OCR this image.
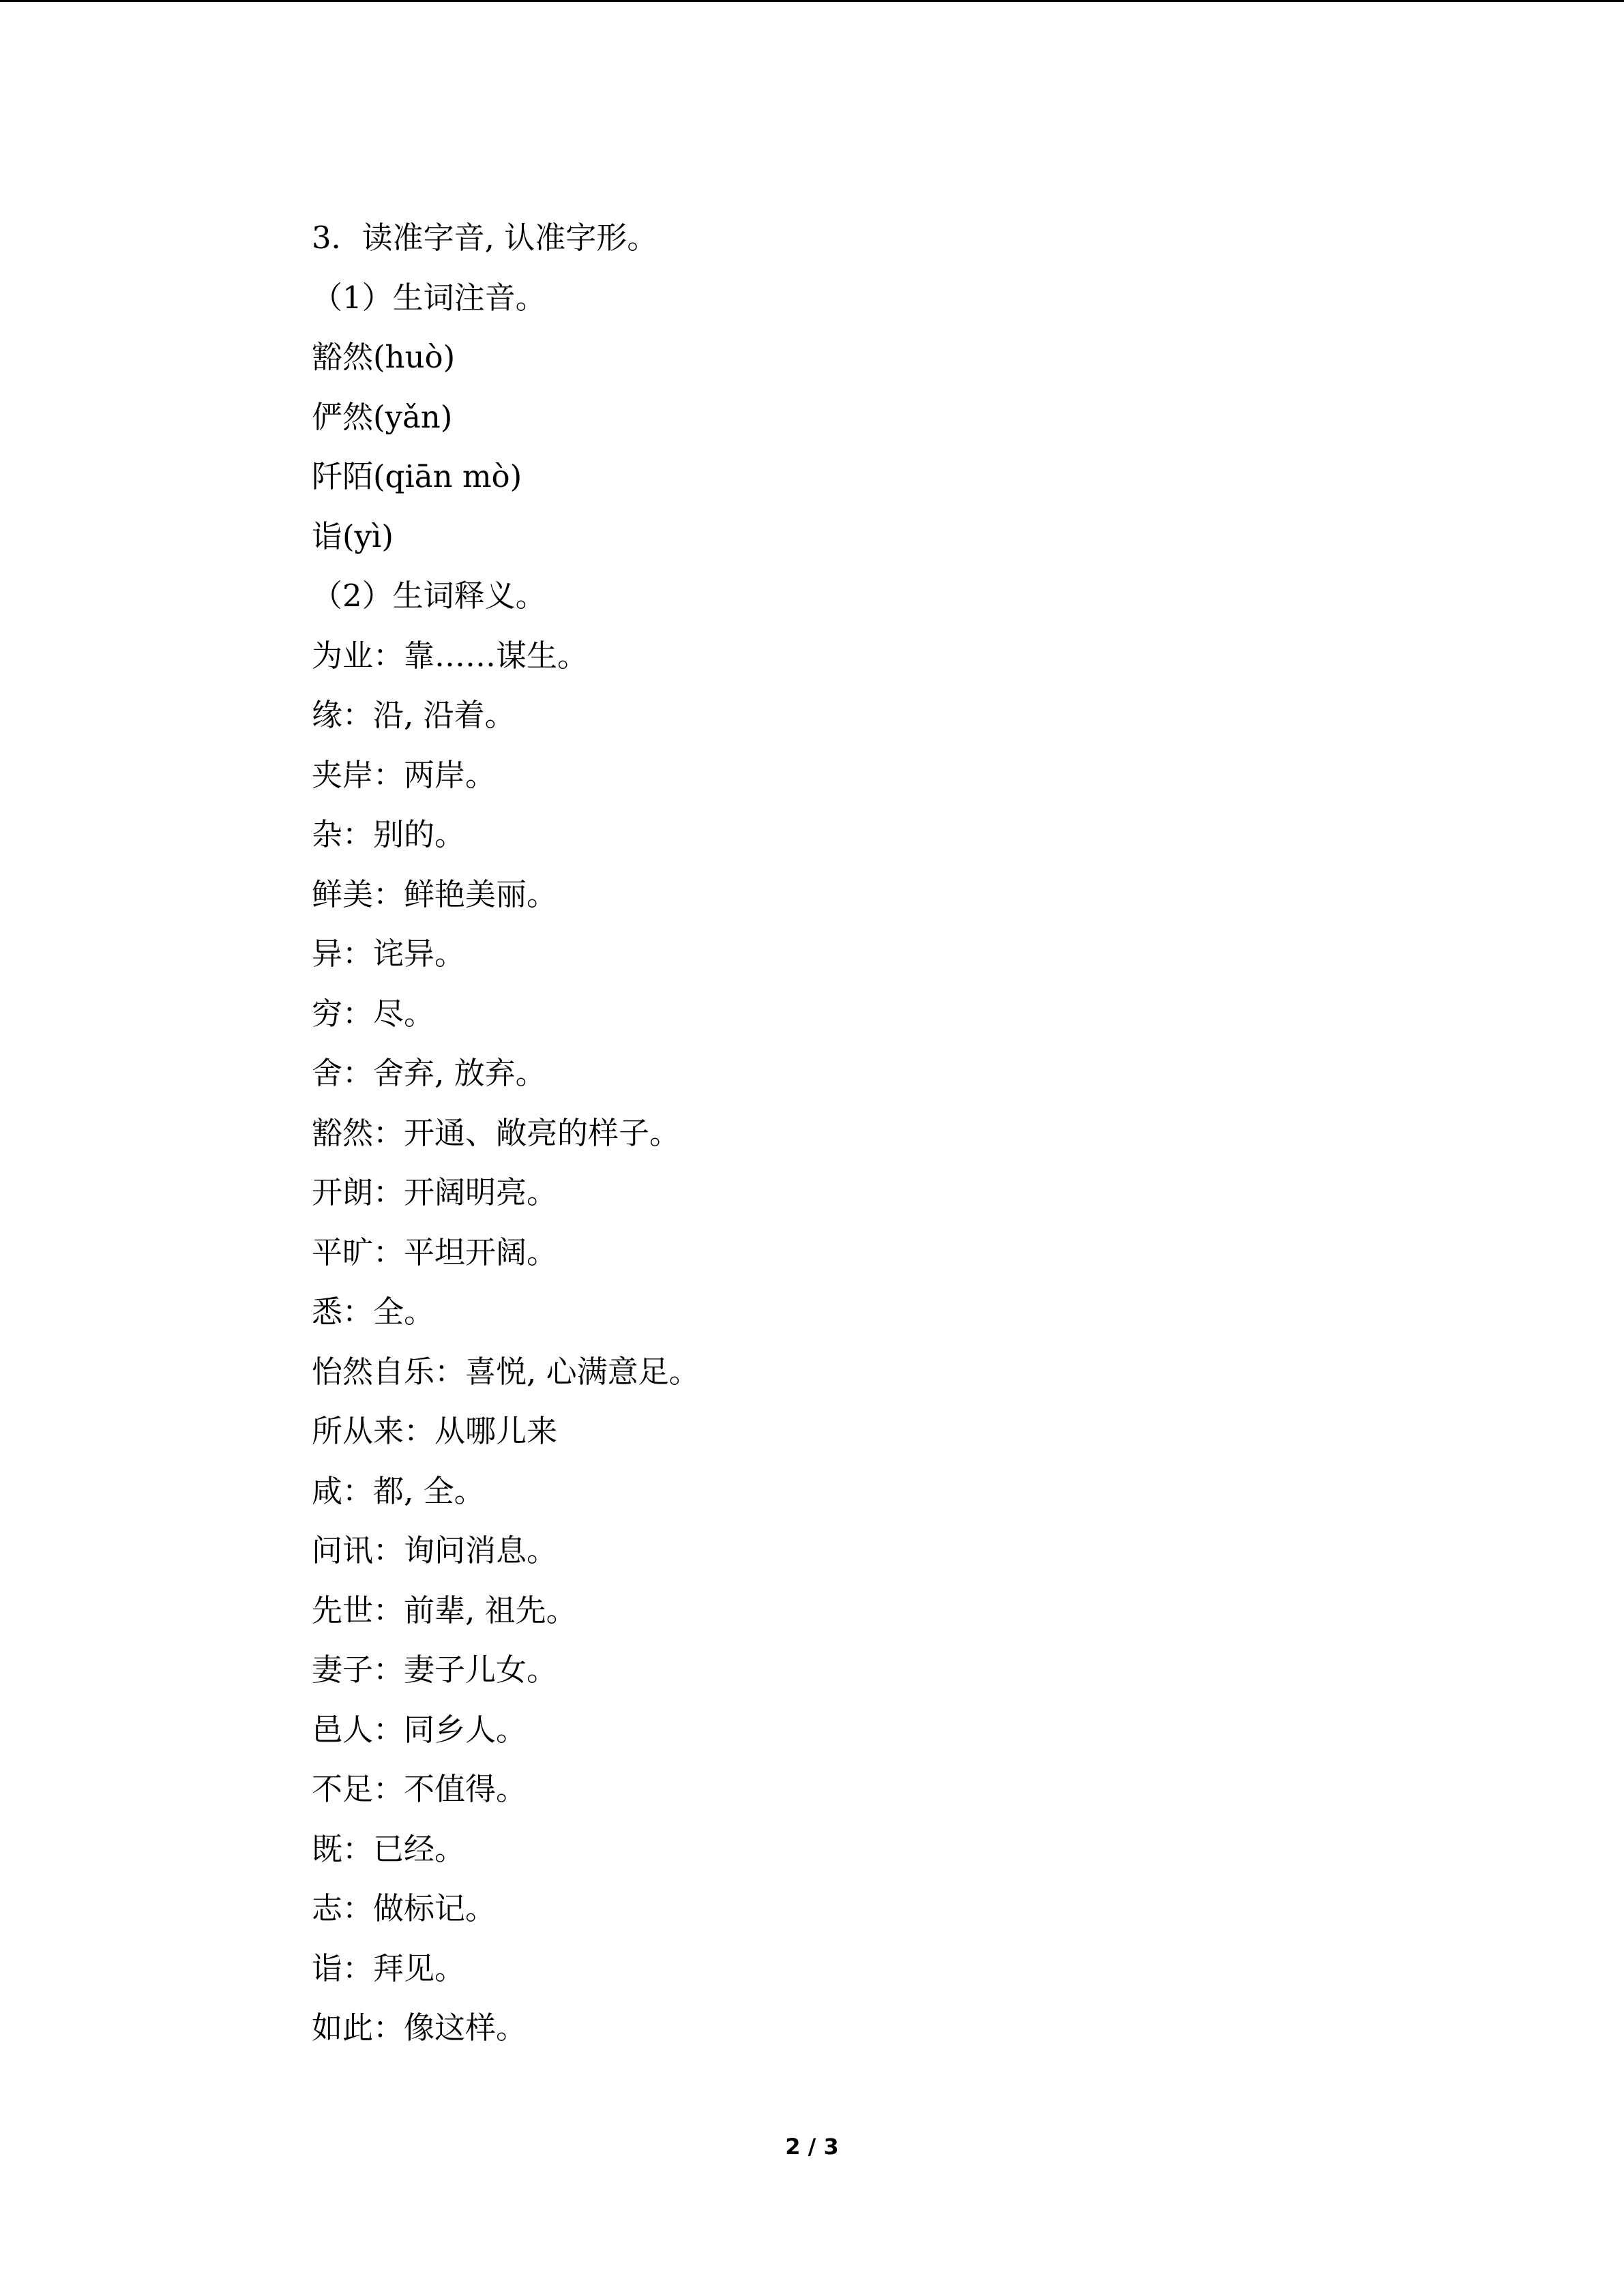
3．读准字音, 认准字形。
（1）生词注音。
豁然(huò)
俨然(yǎn)
阡陌(qiān mò)
诣(yì)
（2）生词释义。
为业：靠……谋生。
缘：沿, 沿着。
夹岸：两岸。
杂：别的。
鲜美：鲜艳美丽。
异：诧异。
穷：尽。
舍：舍弃, 放弃。
豁然：开通、敞亮的样子。
开朗：开阔明亮。
平旷：平坦开阔。
悉：全。
怡然自乐：喜悦, 心满意足。
所从来：从哪儿来
咸：都, 全。
问讯：询问消息。
先世：前辈, 祖先。
妻子：妻子儿女。
邑人：同乡人。
不足：不值得。
既：已经。
志：做标记。
诣：拜见。
如此：像这样。
2 / 3
